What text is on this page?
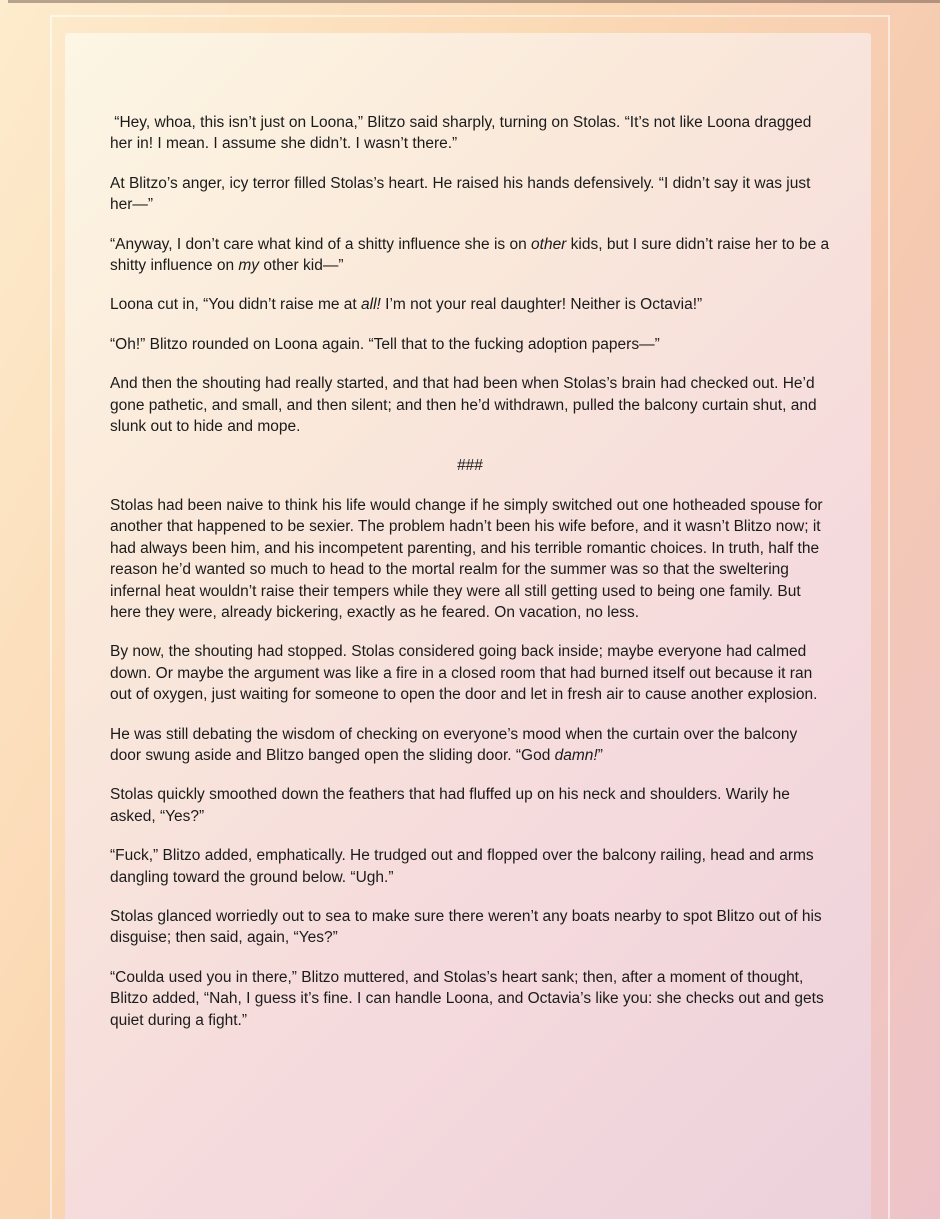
“Hey, whoa, this isn’t just on Loona,” Blitzo said sharply, turning on Stolas. “It’s not like Loona dragged her in! I mean. I assume she didn’t. I wasn’t there.”

At Blitzo’s anger, icy terror filled Stolas’s heart. He raised his hands defensively. “I didn’t say it was just her—”

“Anyway, I don’t care what kind of a shitty influence she is on other kids, but I sure didn’t raise her to be a shitty influence on my other kid—”

Loona cut in, “You didn’t raise me at all! I’m not your real daughter! Neither is Octavia!”

“Oh!” Blitzo rounded on Loona again. “Tell that to the fucking adoption papers—”

And then the shouting had really started, and that had been when Stolas’s brain had checked out. He’d gone pathetic, and small, and then silent; and then he’d withdrawn, pulled the balcony curtain shut, and slunk out to hide and mope.

###

Stolas had been naive to think his life would change if he simply switched out one hotheaded spouse for another that happened to be sexier. The problem hadn’t been his wife before, and it wasn’t Blitzo now; it had always been him, and his incompetent parenting, and his terrible romantic choices. In truth, half the reason he’d wanted so much to head to the mortal realm for the summer was so that the sweltering infernal heat wouldn’t raise their tempers while they were all still getting used to being one family. But here they were, already bickering, exactly as he feared. On vacation, no less.

By now, the shouting had stopped. Stolas considered going back inside; maybe everyone had calmed down. Or maybe the argument was like a fire in a closed room that had burned itself out because it ran out of oxygen, just waiting for someone to open the door and let in fresh air to cause another explosion.

He was still debating the wisdom of checking on everyone’s mood when the curtain over the balcony door swung aside and Blitzo banged open the sliding door. “God damn!”

Stolas quickly smoothed down the feathers that had fluffed up on his neck and shoulders. Warily he asked, “Yes?”

“Fuck,” Blitzo added, emphatically. He trudged out and flopped over the balcony railing, head and arms dangling toward the ground below. “Ugh.”

Stolas glanced worriedly out to sea to make sure there weren’t any boats nearby to spot Blitzo out of his disguise; then said, again, “Yes?”

“Coulda used you in there,” Blitzo muttered, and Stolas’s heart sank; then, after a moment of thought, Blitzo added, “Nah, I guess it’s fine. I can handle Loona, and Octavia’s like you: she checks out and gets quiet during a fight.”
